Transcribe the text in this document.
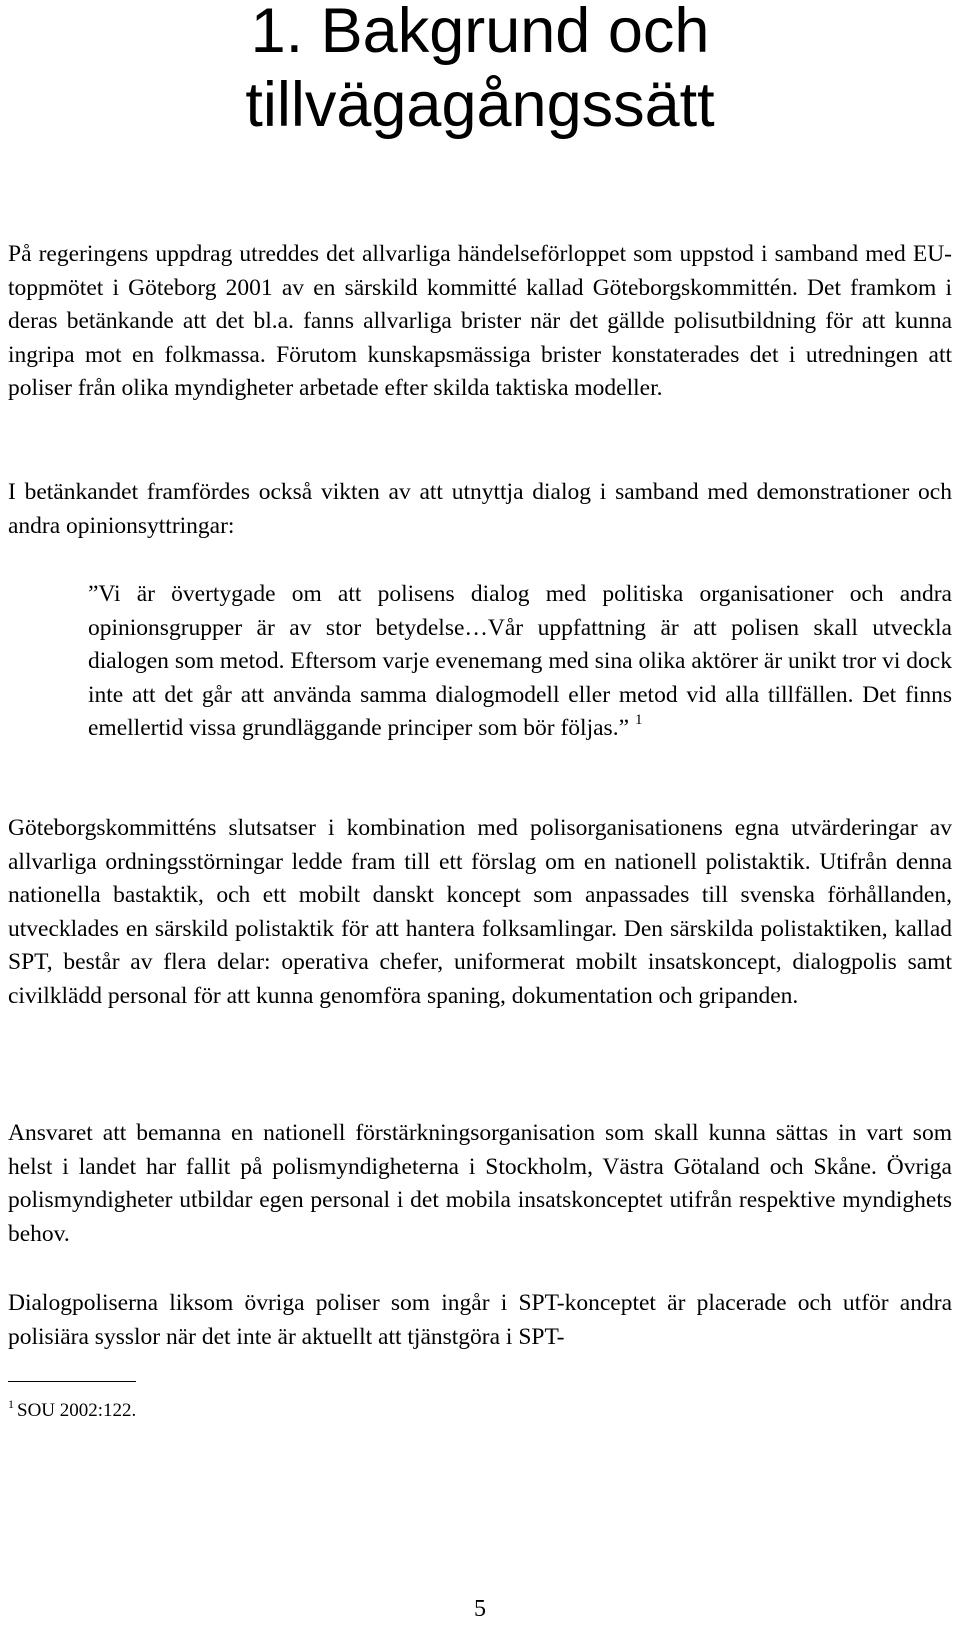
1. Bakgrund och
tillvägagångssätt

På regeringens uppdrag utreddes det allvarliga händelseförloppet som uppstod i samband med EU-toppmötet i Göteborg 2001 av en särskild kommitté kallad Göteborgskommittén. Det framkom i deras betänkande att det bl.a. fanns allvarliga brister när det gällde polisutbildning för att kunna ingripa mot en folkmassa. Förutom kunskapsmässiga brister konstaterades det i utredningen att poliser från olika myndigheter arbetade efter skilda taktiska modeller.

I betänkandet framfördes också vikten av att utnyttja dialog i samband med demonstrationer och andra opinionsyttringar:

”Vi är övertygade om att polisens dialog med politiska organisationer och andra opinionsgrupper är av stor betydelse…Vår uppfattning är att polisen skall utveckla dialogen som metod. Eftersom varje evenemang med sina olika aktörer är unikt tror vi dock inte att det går att använda samma dialogmodell eller metod vid alla tillfällen. Det finns emellertid vissa grundläggande principer som bör följas.” $^1$

Göteborgskommitténs slutsatser i kombination med polisorganisationens egna utvärderingar av allvarliga ordningsstörningar ledde fram till ett förslag om en nationell polistaktik. Utifrån denna nationella bastaktik, och ett mobilt danskt koncept som anpassades till svenska förhållanden, utvecklades en särskild polistaktik för att hantera folksamlingar. Den särskilda polistaktiken, kallad SPT, består av flera delar: operativa chefer, uniformerat mobilt insatskoncept, dialogpolis samt civilklädd personal för att kunna genomföra spaning, dokumentation och gripanden.

Ansvaret att bemanna en nationell förstärkningsorganisation som skall kunna sättas in vart som helst i landet har fallit på polismyndigheterna i Stockholm, Västra Götaland och Skåne. Övriga polismyndigheter utbildar egen personal i det mobila insatskonceptet utifrån respektive myndighets behov.

Dialogpoliserna liksom övriga poliser som ingår i SPT-konceptet är placerade och utför andra polisiära sysslor när det inte är aktuellt att tjänstgöra i SPT-

$^1$ SOU 2002:122.

5
